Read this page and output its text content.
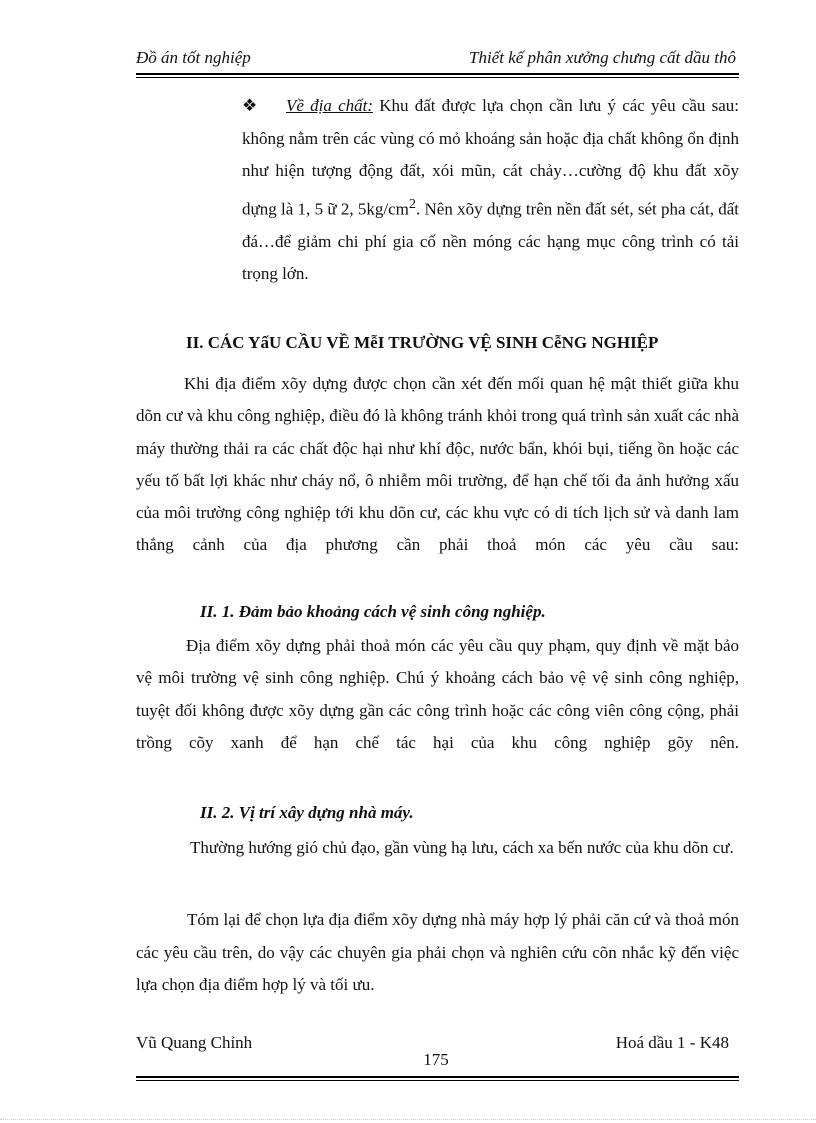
Đồ án tốt nghiệp	Thiết kế phân xưởng chưng cất dầu thô

❖ Về địa chất: Khu đất được lựa chọn cần lưu ý các yêu cầu sau: không nằm trên các vùng có mỏ khoáng sản hoặc địa chất không ổn định như hiện tượng động đất, xói mũn, cát chảy…cường độ khu đất xõy dựng là 1, 5 ữ 2, $5kg/cm^2$. Nên xõy dựng trên nền đất sét, sét pha cát, đất đá…để giảm chi phí gia cố nền móng các hạng mục công trình có tải trọng lớn.

II. CÁC YấU CẦU VỀ MễI TRƯỜNG VỆ SINH CễNG NGHIỆP

Khi địa điểm xõy dựng được chọn cần xét đến mối quan hệ mật thiết giữa khu dõn cư và khu công nghiệp, điều đó là không tránh khỏi trong quá trình sản xuất các nhà máy thường thải ra các chất độc hại như khí độc, nước bẩn, khói bụi, tiếng ồn hoặc các yếu tố bất lợi khác như cháy nổ, ô nhiễm môi trường, để hạn chế tối đa ảnh hưởng xấu của môi trường công nghiệp tới khu dõn cư, các khu vực có di tích lịch sử và danh lam thắng cảnh của địa phương cần phải thoả món các yêu cầu sau:

II. 1. Đảm bảo khoảng cách vệ sinh công nghiệp.

Địa điểm xõy dựng phải thoả món các yêu cầu quy phạm, quy định về mặt bảo vệ môi trường vệ sinh công nghiệp. Chú ý khoảng cách bảo vệ vệ sinh công nghiệp, tuyệt đối không được xõy dựng gần các công trình hoặc các công viên công cộng, phải trồng cõy xanh để hạn chế tác hại của khu công nghiệp gõy nên.

II. 2. Vị trí xây dựng nhà máy.

Thường hướng gió chủ đạo, gần vùng hạ lưu, cách xa bến nước của khu dõn cư.

Tóm lại để chọn lựa địa điểm xõy dựng nhà máy hợp lý phải căn cứ và thoả món các yêu cầu trên, do vậy các chuyên gia phải chọn và nghiên cứu cõn nhắc kỹ đến việc lựa chọn địa điểm hợp lý và tối ưu.

Vũ Quang Chỉnh	Hoá dầu 1 - K48
175
